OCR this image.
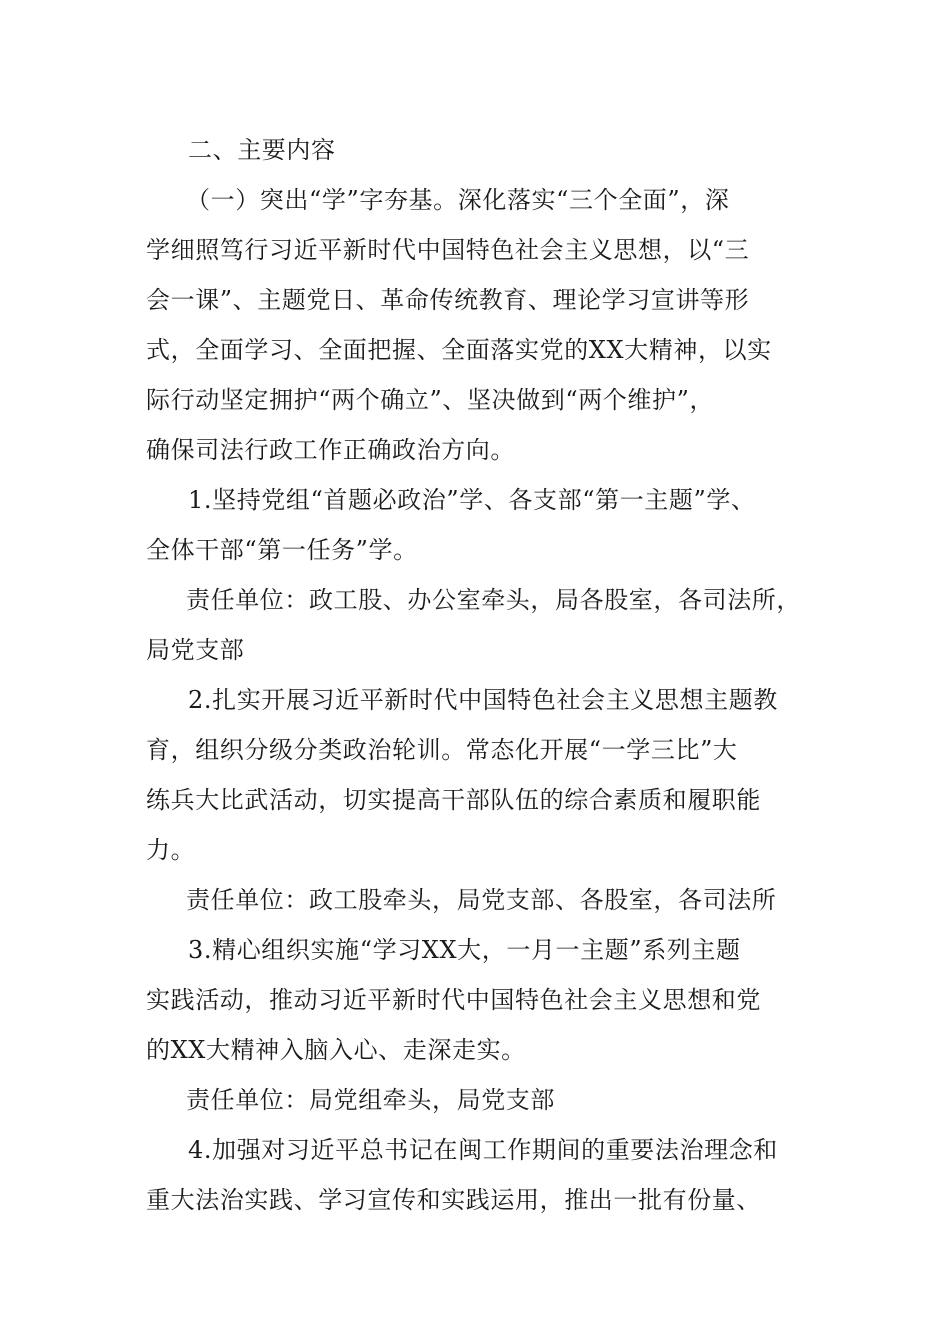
二、主要内容
（一）突出“学”字夯基。深化落实“三个全面”，深
学细照笃行习近平新时代中国特色社会主义思想，以“三
会一课”、主题党日、革命传统教育、理论学习宣讲等形
式，全面学习、全面把握、全面落实党的XX大精神，以实
际行动坚定拥护“两个确立”、坚决做到“两个维护”，
确保司法行政工作正确政治方向。
1.坚持党组“首题必政治”学、各支部“第一主题”学、
全体干部“第一任务”学。
责任单位：政工股、办公室牵头，局各股室，各司法所，
局党支部
2.扎实开展习近平新时代中国特色社会主义思想主题教
育，组织分级分类政治轮训。常态化开展“一学三比”大
练兵大比武活动，切实提高干部队伍的综合素质和履职能
力。
责任单位：政工股牵头，局党支部、各股室，各司法所
3.精心组织实施“学习XX大，一月一主题”系列主题
实践活动，推动习近平新时代中国特色社会主义思想和党
的XX大精神入脑入心、走深走实。
责任单位：局党组牵头，局党支部
4.加强对习近平总书记在闽工作期间的重要法治理念和
重大法治实践、学习宣传和实践运用，推出一批有份量、
